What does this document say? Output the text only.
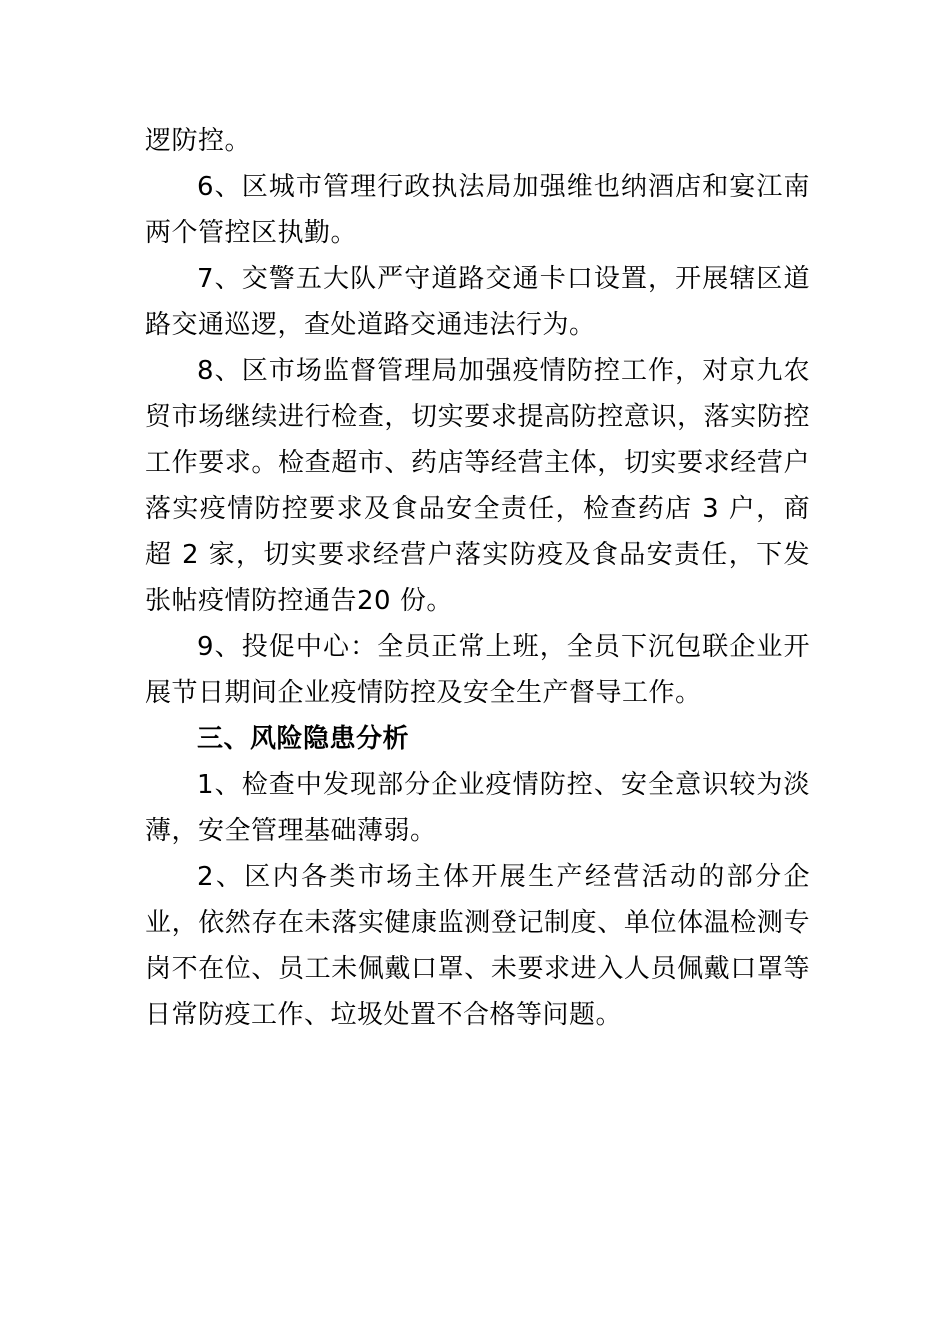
逻防控。

6、区城市管理行政执法局加强维也纳酒店和宴江南两个管控区执勤。

7、交警五大队严守道路交通卡口设置，开展辖区道路交通巡逻，查处道路交通违法行为。

8、区市场监督管理局加强疫情防控工作，对京九农贸市场继续进行检查，切实要求提高防控意识，落实防控工作要求。检查超市、药店等经营主体，切实要求经营户落实疫情防控要求及食品安全责任，检查药店 3 户，商超 2 家，切实要求经营户落实防疫及食品安责任，下发张帖疫情防控通告20 份。

9、投促中心：全员正常上班，全员下沉包联企业开展节日期间企业疫情防控及安全生产督导工作。

三、风险隐患分析

1、检查中发现部分企业疫情防控、安全意识较为淡薄，安全管理基础薄弱。

2、区内各类市场主体开展生产经营活动的部分企业，依然存在未落实健康监测登记制度、单位体温检测专岗不在位、员工未佩戴口罩、未要求进入人员佩戴口罩等日常防疫工作、垃圾处置不合格等问题。
